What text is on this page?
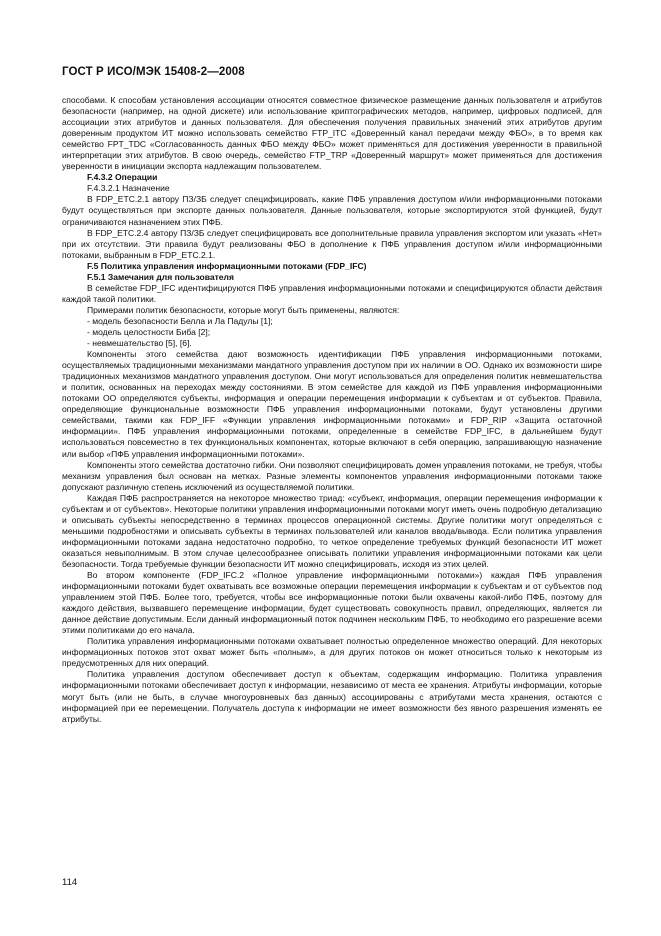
ГОСТ Р ИСО/МЭК 15408-2—2008

способами. К способам установления ассоциации относятся совместное физическое размещение данных пользователя и атрибутов безопасности (например, на одной дискете) или использование криптографических методов, например, цифровых подписей, для ассоциации этих атрибутов и данных пользователя. Для обеспечения получения правильных значений этих атрибутов другим доверенным продуктом ИТ можно использовать семейство FTP_ITC «Доверенный канал передачи между ФБО», в то время как семейство FPT_TDC «Согласованность данных ФБО между ФБО» может применяться для достижения уверенности в правильной интерпретации этих атрибутов. В свою очередь, семейство FTP_TRP «Доверенный маршрут» может применяться для достижения уверенности в инициации экспорта надлежащим пользователем.

F.4.3.2 Операции

F.4.3.2.1 Назначение

В FDP_ETC.2.1 автору ПЗ/ЗБ следует специфицировать, какие ПФБ управления доступом и/или информационными потоками будут осуществляться при экспорте данных пользователя. Данные пользователя, которые экспортируются этой функцией, будут ограничиваются назначением этих ПФБ.

В FDP_ETC.2.4 автору ПЗ/ЗБ следует специфицировать все дополнительные правила управления экспортом или указать «Нет» при их отсутствии. Эти правила будут реализованы ФБО в дополнение к ПФБ управления доступом и/или информационными потоками, выбранным в FDP_ETC.2.1.

F.5 Политика управления информационными потоками (FDP_IFC)

F.5.1 Замечания для пользователя

В семействе FDP_IFC идентифицируются ПФБ управления информационными потоками и специфицируются области действия каждой такой политики.

Примерами политик безопасности, которые могут быть применены, являются:

- модель безопасности Белла и Ла Падулы [1];

- модель целостности Биба [2];

- невмешательство [5], [6].

Компоненты этого семейства дают возможность идентификации ПФБ управления информационными потоками, осуществляемых традиционными механизмами мандатного управления доступом при их наличии в ОО. Однако их возможности шире традиционных механизмов мандатного управления доступом. Они могут использоваться для определения политик невмешательства и политик, основанных на переходах между состояниями. В этом семействе для каждой из ПФБ управления информационными потоками ОО определяются субъекты, информация и операции перемещения информации к субъектам и от субъектов. Правила, определяющие функциональные возможности ПФБ управления информационными потоками, будут установлены другими семействами, такими как FDP_IFF «Функции управления информационными потоками» и FDP_RIP «Защита остаточной информации». ПФБ управления информационными потоками, определенные в семействе FDP_IFC, в дальнейшем будут использоваться повсеместно в тех функциональных компонентах, которые включают в себя операцию, запрашивающую назначение или выбор «ПФБ управления информационными потоками».

Компоненты этого семейства достаточно гибки. Они позволяют специфицировать домен управления потоками, не требуя, чтобы механизм управления был основан на метках. Разные элементы компонентов управления информационными потоками также допускают различную степень исключений из осуществляемой политики.

Каждая ПФБ распространяется на некоторое множество триад: «субъект, информация, операции перемещения информации к субъектам и от субъектов». Некоторые политики управления информационными потоками могут иметь очень подробную детализацию и описывать субъекты непосредственно в терминах процессов операционной системы. Другие политики могут определяться с меньшими подробностями и описывать субъекты в терминах пользователей или каналов ввода/вывода. Если политика управления информационными потоками задана недостаточно подробно, то четкое определение требуемых функций безопасности ИТ может оказаться невыполнимым. В этом случае целесообразнее описывать политики управления информационными потоками как цели безопасности. Тогда требуемые функции безопасности ИТ можно специфицировать, исходя из этих целей.

Во втором компоненте (FDP_IFC.2 «Полное управление информационными потоками») каждая ПФБ управления информационными потоками будет охватывать все возможные операции перемещения информации к субъектам и от субъектов под управлением этой ПФБ. Более того, требуется, чтобы все информационные потоки были охвачены какой-либо ПФБ, поэтому для каждого действия, вызвавшего перемещение информации, будет существовать совокупность правил, определяющих, является ли данное действие допустимым. Если данный информационный поток подчинен нескольким ПФБ, то необходимо его разрешение всеми этими политиками до его начала.

Политика управления информационными потоками охватывает полностью определенное множество операций. Для некоторых информационных потоков этот охват может быть «полным», а для других потоков он может относиться только к некоторым из предусмотренных для них операций.

Политика управления доступом обеспечивает доступ к объектам, содержащим информацию. Политика управления информационными потоками обеспечивает доступ к информации, независимо от места ее хранения. Атрибуты информации, которые могут быть (или не быть, в случае многоуровневых баз данных) ассоциированы с атрибутами места хранения, остаются с информацией при ее перемещении. Получатель доступа к информации не имеет возможности без явного разрешения изменять ее атрибуты.

114
